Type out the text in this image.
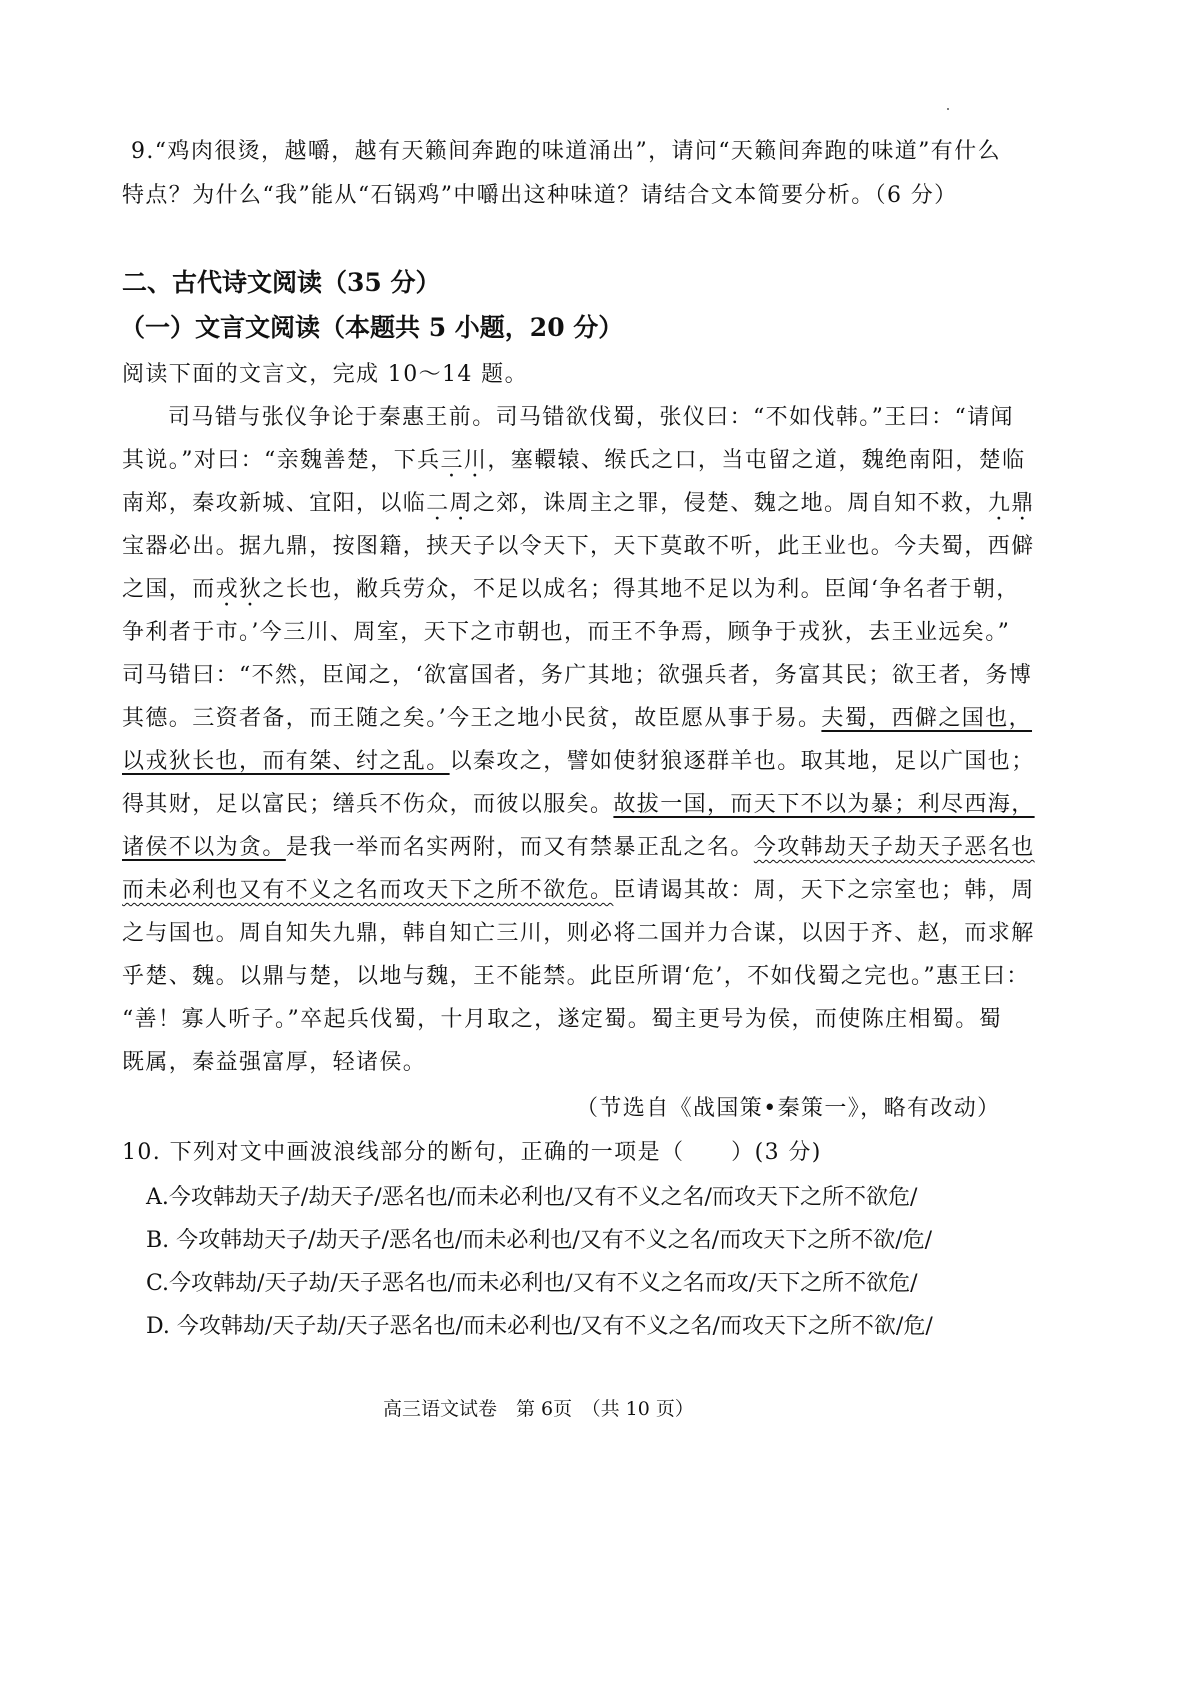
9.“鸡肉很烫，越嚼，越有天籁间奔跑的味道涌出”，请问“天籁间奔跑的味道”有什么
特点？为什么“我”能从“石锅鸡”中嚼出这种味道？请结合文本简要分析。（6 分）
二、古代诗文阅读（35 分）
（一）文言文阅读（本题共 5 小题，20 分）
阅读下面的文言文，完成 10～14 题。
司马错与张仪争论于秦惠王前。司马错欲伐蜀，张仪曰：“不如伐韩。”王曰：“请闻
其说。”对曰：“亲魏善楚，下兵三川，塞轘辕、缑氏之口，当屯留之道，魏绝南阳，楚临
南郑，秦攻新城、宜阳，以临二周之郊，诛周主之罪，侵楚、魏之地。周自知不救，九鼎
宝器必出。据九鼎，按图籍，挟天子以令天下，天下莫敢不听，此王业也。今夫蜀，西僻
之国，而戎狄之长也，敝兵劳众，不足以成名；得其地不足以为利。臣闻‘争名者于朝，
争利者于市。’今三川、周室，天下之市朝也，而王不争焉，顾争于戎狄，去王业远矣。”
司马错曰：“不然，臣闻之，‘欲富国者，务广其地；欲强兵者，务富其民；欲王者，务博
其德。三资者备，而王随之矣。’今王之地小民贫，故臣愿从事于易。夫蜀，西僻之国也，
以戎狄长也，而有桀、纣之乱。以秦攻之，譬如使豺狼逐群羊也。取其地，足以广国也；
得其财，足以富民；缮兵不伤众，而彼以服矣。故拔一国，而天下不以为暴；利尽西海，
诸侯不以为贪。是我一举而名实两附，而又有禁暴正乱之名。今攻韩劫天子劫天子恶名也
而未必利也又有不义之名而攻天下之所不欲危。臣请谒其故：周，天下之宗室也；韩，周
之与国也。周自知失九鼎，韩自知亡三川，则必将二国并力合谋，以因于齐、赵，而求解
乎楚、魏。以鼎与楚，以地与魏，王不能禁。此臣所谓‘危’，不如伐蜀之完也。”惠王曰：
“善！寡人听子。”卒起兵伐蜀，十月取之，遂定蜀。蜀主更号为侯，而使陈庄相蜀。蜀
既属，秦益强富厚，轻诸侯。
（节选自《战国策•秦策一》，略有改动）
10. 下列对文中画波浪线部分的断句，正确的一项是（　　）(3 分)
A.今攻韩劫天子/劫天子/恶名也/而未必利也/又有不义之名/而攻天下之所不欲危/
B. 今攻韩劫天子/劫天子/恶名也/而未必利也/又有不义之名/而攻天下之所不欲/危/
C.今攻韩劫/天子劫/天子恶名也/而未必利也/又有不义之名而攻/天下之所不欲危/
D. 今攻韩劫/天子劫/天子恶名也/而未必利也/又有不义之名/而攻天下之所不欲/危/
高三语文试卷　第 6页　（共 10 页）
